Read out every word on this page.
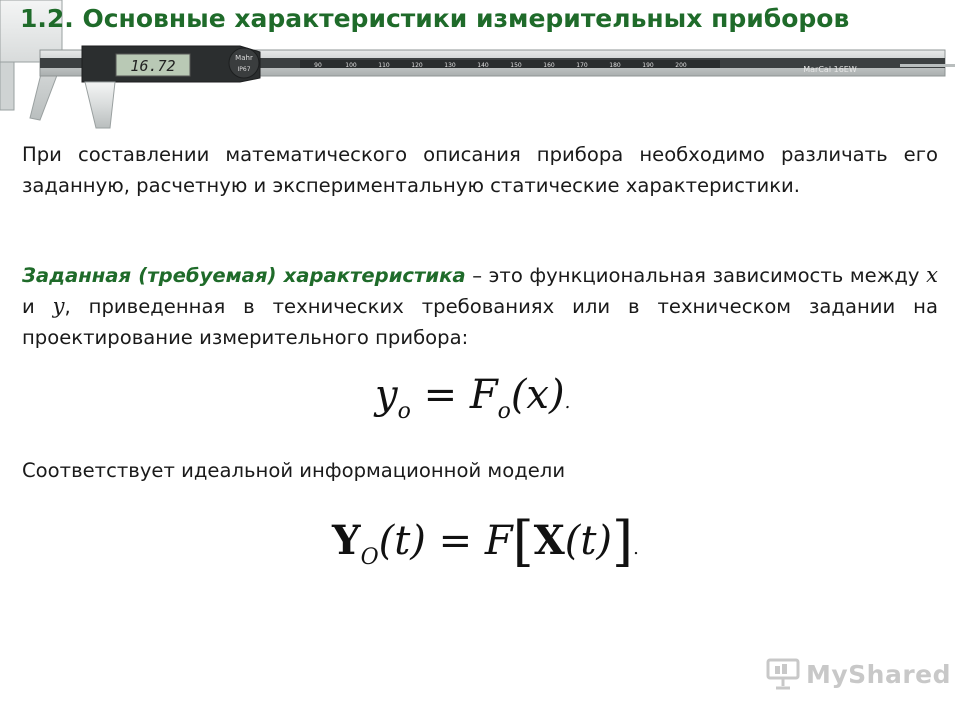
16.72	Mahr
IP67
90	100	110	120	130	140	150	160	170	180	190	200	MarCal 16EW
1.2. Основные характеристики измерительных приборов

При составлении математического описания прибора необходимо различать его заданную, расчетную и экспериментальную статические характеристики.

Заданная (требуемая) характеристика – это функциональная зависимость между x и y, приведенная в технических требованиях или в техническом задании на проектирование измерительного прибора:

$y_o = F_o(x)$.

Соответствует идеальной информационной модели

$Y_O(t) = F[X(t)]$.
MyShared
